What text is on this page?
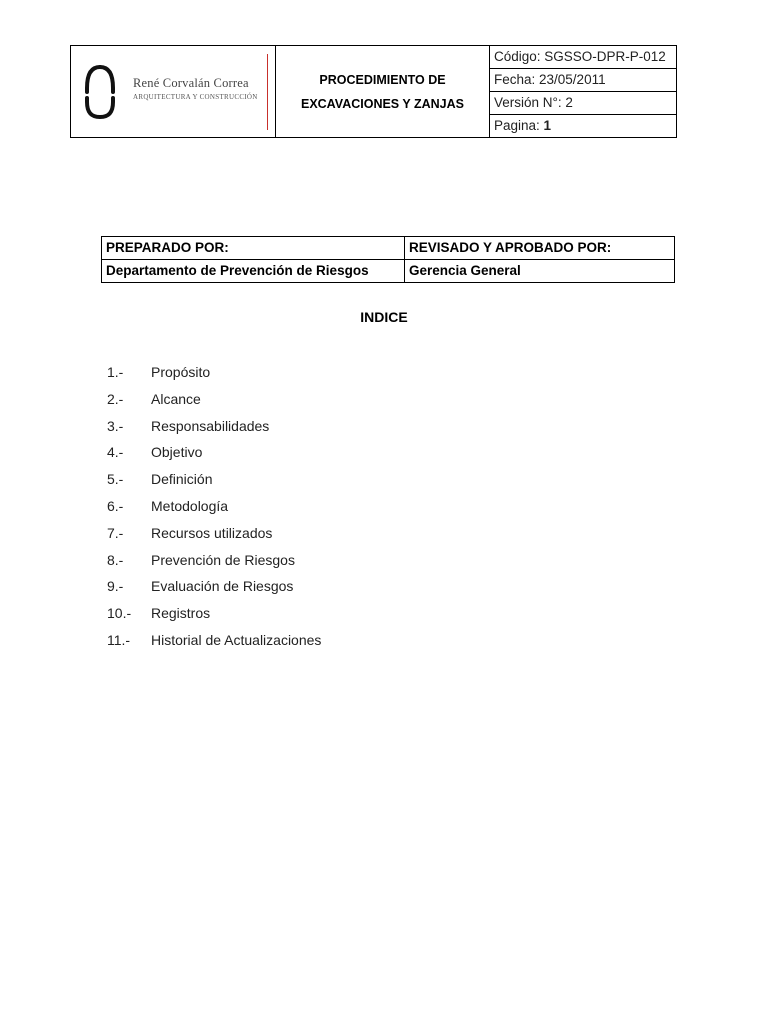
René Corvalán Correa
ARQUITECTURA Y CONSTRUCCIÓN

PROCEDIMIENTO DE
EXCAVACIONES Y ZANJAS
	Código: SGSSO-DPR-P-012
Fecha: 23/05/2011
Versión N°: 2
Pagina: 1
PREPARADO POR:	REVISADO Y APROBADO POR:
Departamento de Prevención de Riesgos	Gerencia General
INDICE
1.- Propósito
2.- Alcance
3.- Responsabilidades
4.- Objetivo
5.- Definición
6.- Metodología
7.- Recursos utilizados
8.- Prevención de Riesgos
9.- Evaluación de Riesgos
10.- Registros
11.- Historial de Actualizaciones
